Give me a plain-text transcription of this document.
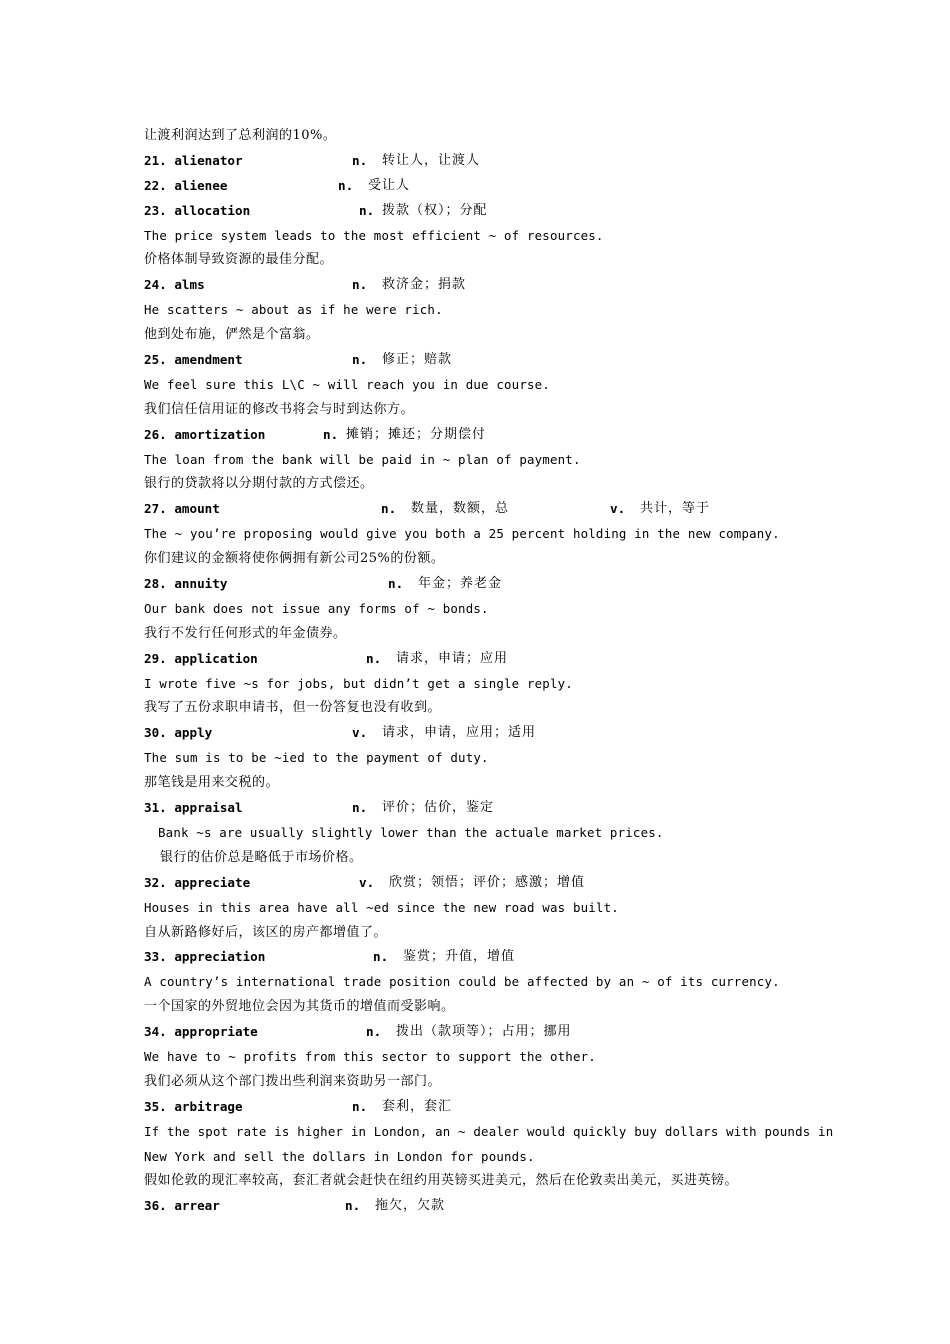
让渡利润达到了总利润的10%。
21. alienator	n. 转让人，让渡人
22. alienee	n. 受让人
23. allocation	n. 拨款（权）；分配
The price system leads to the most efficient ~ of resources.
价格体制导致资源的最佳分配。
24. alms	n. 救济金；捐款
He scatters ~ about as if he were rich.
他到处布施，俨然是个富翁。
25. amendment	n. 修正；赔款
We feel sure this L\C ~ will reach you in due course.
我们信任信用证的修改书将会与时到达你方。
26. amortization	n. 摊销；摊还；分期偿付
The loan from the bank will be paid in ~ plan of payment.
银行的贷款将以分期付款的方式偿还。
27. amount	n. 数量，数额，总	v. 共计，等于
The ~ you’re proposing would give you both a 25 percent holding in the new company.
你们建议的金额将使你俩拥有新公司25%的份额。
28. annuity	n. 年金；养老金
Our bank does not issue any forms of ~ bonds.
我行不发行任何形式的年金债券。
29. application	n. 请求，申请；应用
I wrote five ~s for jobs, but didn’t get a single reply.
我写了五份求职申请书，但一份答复也没有收到。
30. apply	v. 请求，申请，应用；适用
The sum is to be ~ied to the payment of duty.
那笔钱是用来交税的。
31. appraisal	n. 评价；估价，鉴定
Bank ~s are usually slightly lower than the actuale market prices.
银行的估价总是略低于市场价格。
32. appreciate	v. 欣赏；领悟；评价；感激；增值
Houses in this area have all ~ed since the new road was built.
自从新路修好后，该区的房产都增值了。
33. appreciation	n. 鉴赏；升值，增值
A country’s international trade position could be affected by an ~ of its currency.
一个国家的外贸地位会因为其货币的增值而受影响。
34. appropriate	n. 拨出（款项等）；占用；挪用
We have to ~ profits from this sector to support the other.
我们必须从这个部门拨出些利润来资助另一部门。
35. arbitrage	n. 套利，套汇
If the spot rate is higher in London, an ~ dealer would quickly buy dollars with pounds in
New York and sell the dollars in London for pounds.
假如伦敦的现汇率较高，套汇者就会赶快在纽约用英镑买进美元，然后在伦敦卖出美元，买进英镑。
36. arrear	n. 拖欠，欠款
